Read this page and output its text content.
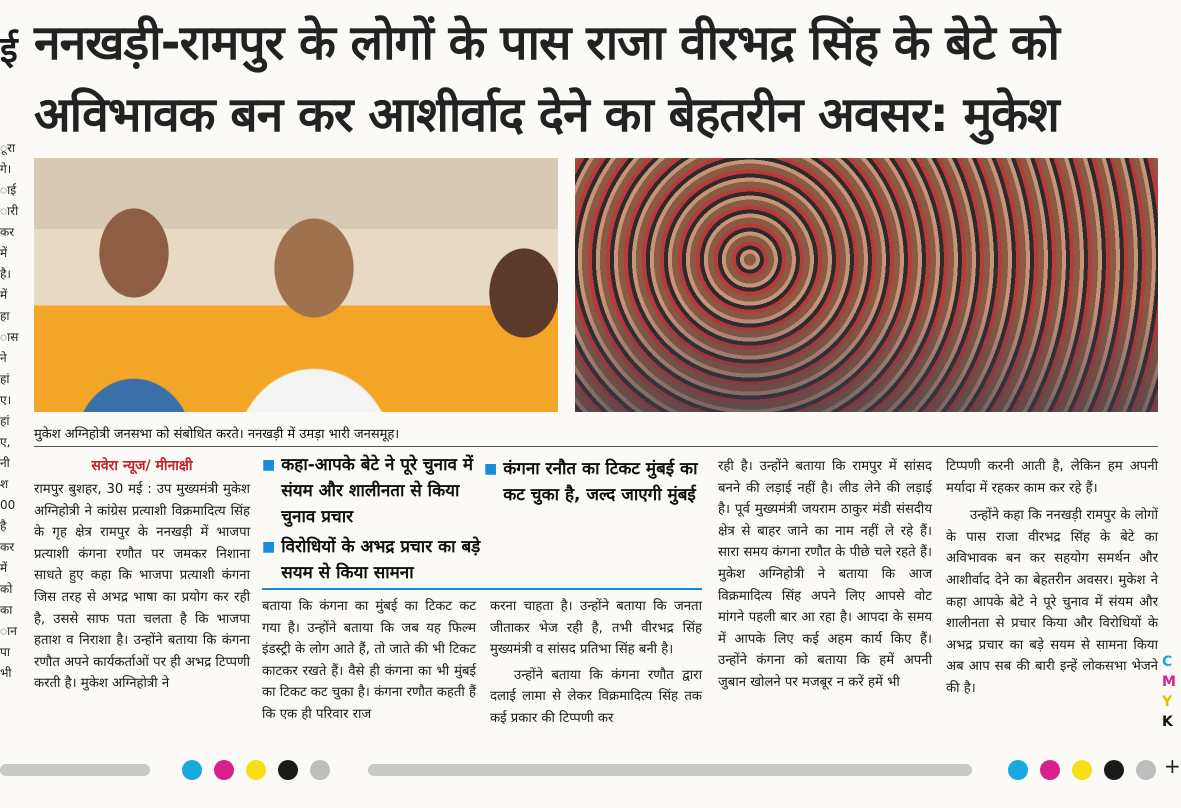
ई
ूरा
गे।
ाई
ारी
कर
में
है।
में
हा
ास
ने
हां
ए।
हां
ए,
नी
श
00
है
कर
में
को
का
ान
पा
भी
ननखड़ी-रामपुर के लोगों के पास राजा वीरभद्र सिंह के बेटे को
अविभावक बन कर आशीर्वाद देने का बेहतरीन अवसर: मुकेश
मुकेश अग्निहोत्री जनसभा को संबोधित करते। ननखड़ी में उमड़ा भारी जनसमूह।
सवेरा न्यूज/ मीनाक्षी
रामपुर बुशहर, 30 मई : उप मुख्यमंत्री मुकेश अग्निहोत्री ने कांग्रेस प्रत्याशी विक्रमादित्य सिंह के गृह क्षेत्र रामपुर के ननखड़ी में भाजपा प्रत्याशी कंगना रणौत पर जमकर निशाना साधते हुए कहा कि भाजपा प्रत्याशी कंगना जिस तरह से अभद्र भाषा का प्रयोग कर रही है, उससे साफ पता चलता है कि भाजपा हताश व निराशा है। उन्होंने बताया कि कंगना रणौत अपने कार्यकर्ताओं पर ही अभद्र टिप्पणी करती है। मुकेश अग्निहोत्री ने
■ कहा-आपके बेटे ने पूरे चुनाव में संयम और शालीनता से किया चुनाव प्रचार
■ विरोधियों के अभद्र प्रचार का बड़े सयम से किया सामना
■ कंगना रनौत का टिकट मुंबई का कट चुका है, जल्द जाएगी मुंबई
बताया कि कंगना का मुंबई का टिकट कट गया है। उन्होंने बताया कि जब यह फिल्म इंडस्ट्री के लोग आते हैं, तो जाते की भी टिकट काटकर रखते हैं। वैसे ही कंगना का भी मुंबई का टिकट कट चुका है। कंगना रणौत कहती हैं कि एक ही परिवार राज
करना चाहता है। उन्होंने बताया कि जनता जीताकर भेज रही है, तभी वीरभद्र सिंह मुख्यमंत्री व सांसद प्रतिभा सिंह बनी है।
उन्होंने बताया कि कंगना रणौत द्वारा दलाई लामा से लेकर विक्रमादित्य सिंह तक कई प्रकार की टिप्पणी कर
रही है। उन्होंने बताया कि रामपुर में सांसद बनने की लड़ाई नहीं है। लीड लेने की लड़ाई है। पूर्व मुख्यमंत्री जयराम ठाकुर मंडी संसदीय क्षेत्र से बाहर जाने का नाम नहीं ले रहे हैं। सारा समय कंगना रणौत के पीछे चले रहते हैं। मुकेश अग्निहोत्री ने बताया कि आज विक्रमादित्य सिंह अपने लिए आपसे वोट मांगने पहली बार आ रहा है। आपदा के समय में आपके लिए कई अहम कार्य किए हैं। उन्होंने कंगना को बताया कि हमें अपनी जुबान खोलने पर मजबूर न करें हमें भी
टिप्पणी करनी आती है, लेकिन हम अपनी मर्यादा में रहकर काम कर रहे हैं।
उन्होंने कहा कि ननखड़ी रामपुर के लोगों के पास राजा वीरभद्र सिंह के बेटे का अविभावक बन कर सहयोग समर्थन और आशीर्वाद देने का बेहतरीन अवसर। मुकेश ने कहा आपके बेटे ने पूरे चुनाव में संयम और शालीनता से प्रचार किया और विरोधियों के अभद्र प्रचार का बड़े सयम से सामना किया अब आप सब की बारी इन्हें लोकसभा भेजने की है।
C
M
Y
K
+
